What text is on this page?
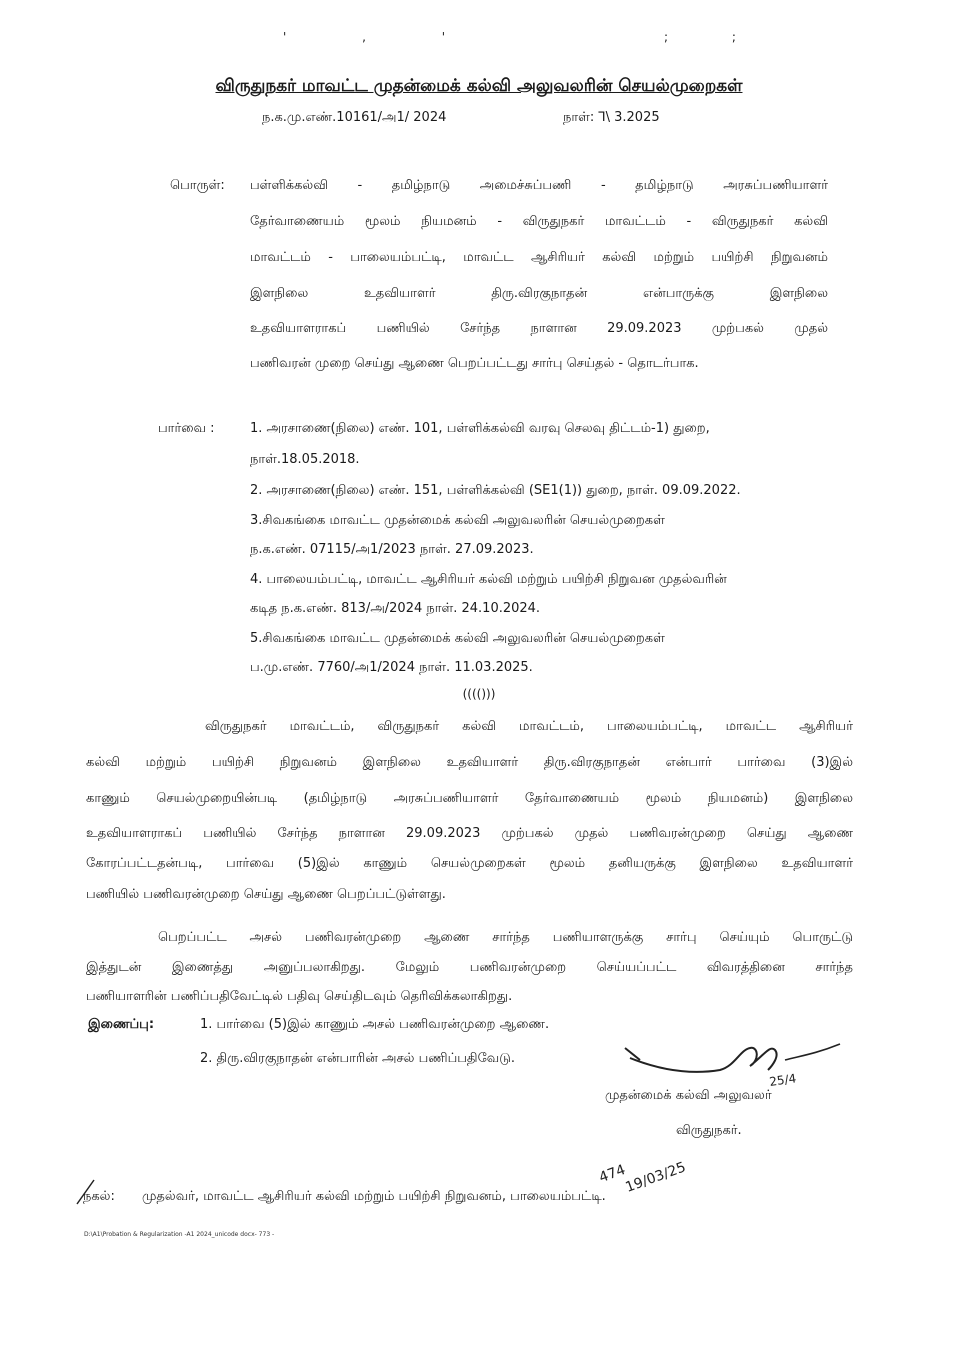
' , '	; ;
விருதுநகர் மாவட்ட முதன்மைக் கல்வி அலுவலரின் செயல்முறைகள்
ந.க.மு.எண்.10161/அ1/ 2024	நாள்: ⅂\ 3.2025
பொருள்: பள்ளிக்கல்வி - தமிழ்நாடு அமைச்சுப்பணி - தமிழ்நாடு அரசுப்பணியாளர்
தேர்வாணையம் மூலம் நியமனம் - விருதுநகர் மாவட்டம் - விருதுநகர் கல்வி
மாவட்டம் - பாலையம்பட்டி, மாவட்ட ஆசிரியர் கல்வி மற்றும் பயிற்சி நிறுவனம்
இளநிலை உதவியாளர் திரு.விரகுநாதன் என்பாருக்கு இளநிலை
உதவியாளராகப் பணியில் சேர்ந்த நாளான 29.09.2023 முற்பகல் முதல்
பணிவரன் முறை செய்து ஆணை பெறப்பட்டது சார்பு செய்தல் - தொடர்பாக.
பார்வை :	1. அரசாணை(நிலை) எண். 101, பள்ளிக்கல்வி வரவு செலவு திட்டம்-1) துறை,
நாள்.18.05.2018.
2. அரசாணை(நிலை) எண். 151, பள்ளிக்கல்வி (SE1(1)) துறை, நாள். 09.09.2022.
3.சிவகங்கை மாவட்ட முதன்மைக் கல்வி அலுவலரின் செயல்முறைகள்
ந.க.எண். 07115/அ1/2023 நாள். 27.09.2023.
4. பாலையம்பட்டி, மாவட்ட ஆசிரியர் கல்வி மற்றும் பயிற்சி நிறுவன முதல்வரின்
கடித ந.க.எண். 813/அ/2024 நாள். 24.10.2024.
5.சிவகங்கை மாவட்ட முதன்மைக் கல்வி அலுவலரின் செயல்முறைகள்
ப.மு.எண். 7760/அ1/2024 நாள். 11.03.2025.
(((()))
விருதுநகர் மாவட்டம், விருதுநகர் கல்வி மாவட்டம், பாலையம்பட்டி, மாவட்ட ஆசிரியர்
கல்வி மற்றும் பயிற்சி நிறுவனம் இளநிலை உதவியாளர் திரு.விரகுநாதன் என்பார் பார்வை (3)இல்
காணும் செயல்முறையின்படி (தமிழ்நாடு அரசுப்பணியாளர் தேர்வாணையம் மூலம் நியமனம்) இளநிலை
உதவியாளராகப் பணியில் சேர்ந்த நாளான 29.09.2023 முற்பகல் முதல் பணிவரன்முறை செய்து ஆணை
கோரப்பட்டதன்படி, பார்வை (5)இல் காணும் செயல்முறைகள் மூலம் தனியருக்கு இளநிலை உதவியாளர்
பணியில் பணிவரன்முறை செய்து ஆணை பெறப்பட்டுள்ளது.
பெறப்பட்ட அசல் பணிவரன்முறை ஆணை சார்ந்த பணியாளருக்கு சார்பு செய்யும் பொருட்டு
இத்துடன் இணைத்து அனுப்பலாகிறது. மேலும் பணிவரன்முறை செய்யப்பட்ட விவரத்தினை சார்ந்த
பணியாளரின் பணிப்பதிவேட்டில் பதிவு செய்திடவும் தெரிவிக்கலாகிறது.
இணைப்பு:	1. பார்வை (5)இல் காணும் அசல் பணிவரன்முறை ஆணை.
2. திரு.விரகுநாதன் என்பாரின் அசல் பணிப்பதிவேடு.
25/4
முதன்மைக் கல்வி அலுவலர்
விருதுநகர்.
474
19/03/25
நகல்: முதல்வர், மாவட்ட ஆசிரியர் கல்வி மற்றும் பயிற்சி நிறுவனம், பாலையம்பட்டி.
D:\A1\Probation & Regularization -A1 2024_unicode docx- 773 -
